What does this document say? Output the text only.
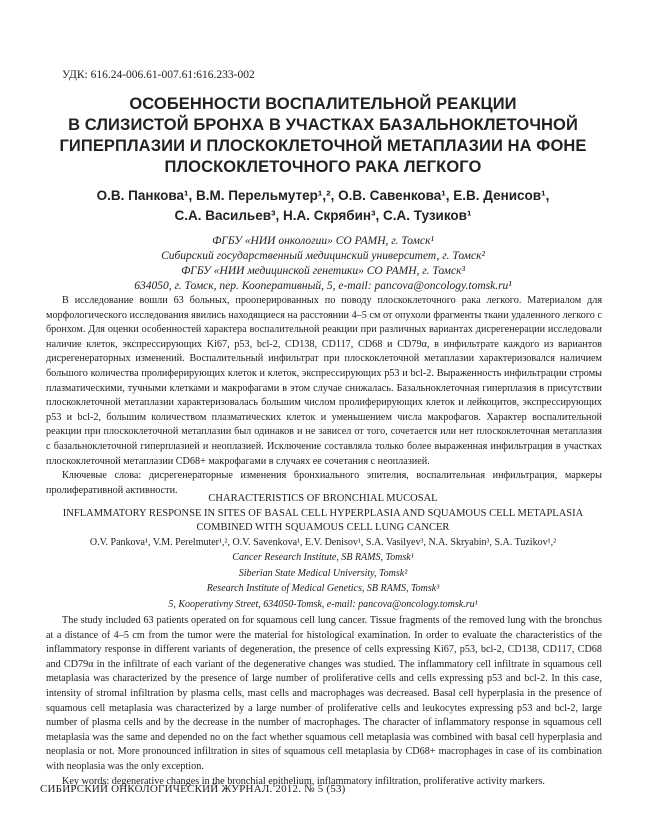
УДК: 616.24-006.61-007.61:616.233-002
ОСОБЕННОСТИ ВОСПАЛИТЕЛЬНОЙ РЕАКЦИИ
В СЛИЗИСТОЙ БРОНХА В УЧАСТКАХ БАЗАЛЬНОКЛЕТОЧНОЙ
ГИПЕРПЛАЗИИ И ПЛОСКОКЛЕТОЧНОЙ МЕТАПЛАЗИИ НА ФОНЕ
ПЛОСКОКЛЕТОЧНОГО РАКА ЛЕГКОГО
О.В. Панкова¹, В.М. Перельмутер¹,², О.В. Савенкова¹, Е.В. Денисов¹,
С.А. Васильев³, Н.А. Скрябин³, С.А. Тузиков¹
ФГБУ «НИИ онкологии» СО РАМН, г. Томск¹
Сибирский государственный медицинский университет, г. Томск²
ФГБУ «НИИ медицинской генетики» СО РАМН, г. Томск³
634050, г. Томск, пер. Кооперативный, 5, e-mail: pancova@oncology.tomsk.ru¹

В исследование вошли 63 больных, прооперированных по поводу плоскоклеточного рака легкого. Материалом для морфологического исследования явились находящиеся на расстоянии 4–5 см от опухоли фрагменты ткани удаленного легкого с бронхом. Для оценки особенностей характера воспалительной реакции при различных вариантах дисрегенерации исследовали наличие клеток, экспрессирующих Ki67, p53, bcl-2, CD138, CD117, CD68 и CD79α, в инфильтрате каждого из вариантов дисрегенераторных изменений. Воспалительный инфильтрат при плоскоклеточной метаплазии характеризовался наличием большого количества пролиферирующих клеток и клеток, экспрессирующих р53 и bcl-2. Выраженность инфильтрации стромы плазматическими, тучными клетками и макрофагами в этом случае снижалась. Базальноклеточная гиперплазия в присутствии плоскоклеточной метаплазии характеризовалась большим числом пролиферирующих клеток и лейкоцитов, экспрессирующих р53 и bcl-2, большим количеством плазматических клеток и уменьшением числа макрофагов. Характер воспалительной реакции при плоскоклеточной метаплазии был одинаков и не зависел от того, сочетается или нет плоскоклеточная метаплазия с базальноклеточной гиперплазией и неоплазией. Исключение составляла только более выраженная инфильтрация в участках плоскоклеточной метаплазии CD68+ макрофагами в случаях ее сочетания с неоплазией.

Ключевые слова: дисрегенераторные изменения бронхиального эпителия, воспалительная инфильтрация, маркеры пролиферативной активности.

CHARACTERISTICS OF BRONCHIAL MUCOSAL
INFLAMMATORY RESPONSE IN SITES OF BASAL CELL HYPERPLASIA AND SQUAMOUS CELL METAPLASIA
COMBINED WITH SQUAMOUS CELL LUNG CANCER
O.V. Pankova¹, V.M. Perelmuter¹,², O.V. Savenkova¹, E.V. Denisov¹, S.A. Vasilyev³, N.A. Skryabin³, S.A. Tuzikov¹,²
Cancer Research Institute, SB RAMS, Tomsk¹
Siberian State Medical University, Tomsk²
Research Institute of Medical Genetics, SB RAMS, Tomsk³
5, Kooperativny Street, 634050-Tomsk, e-mail: pancova@oncology.tomsk.ru¹

The study included 63 patients operated on for squamous cell lung cancer. Tissue fragments of the removed lung with the bronchus at a distance of 4–5 cm from the tumor were the material for histological examination. In order to evaluate the characteristics of the inflammatory response in different variants of degeneration, the presence of cells expressing Ki67, p53, bcl-2, CD138, CD117, CD68 and CD79α in the infiltrate of each variant of the degenerative changes was studied. The inflammatory cell infiltrate in squamous cell metaplasia was characterized by the presence of large number of proliferative cells and cells expressing p53 and bcl-2. In this case, intensity of stromal infiltration by plasma cells, mast cells and macrophages was decreased. Basal cell hyperplasia in the presence of squamous cell metaplasia was characterized by a large number of proliferative cells and leukocytes expressing p53 and bcl-2, large number of plasma cells and by the decrease in the number of macrophages. The character of inflammatory response in squamous cell metaplasia was the same and depended no on the fact whether squamous cell metaplasia was combined with basal cell hyperplasia and neoplasia or not. More pronounced infiltration in sites of squamous cell metaplasia by CD68+ macrophages in case of its combination with neoplasia was the only exception.

Key words: degenerative changes in the bronchial epithelium, inflammatory infiltration, proliferative activity markers.

СИБИРСКИЙ ОНКОЛОГИЧЕСКИЙ ЖУРНАЛ. 2012. № 5 (53)
